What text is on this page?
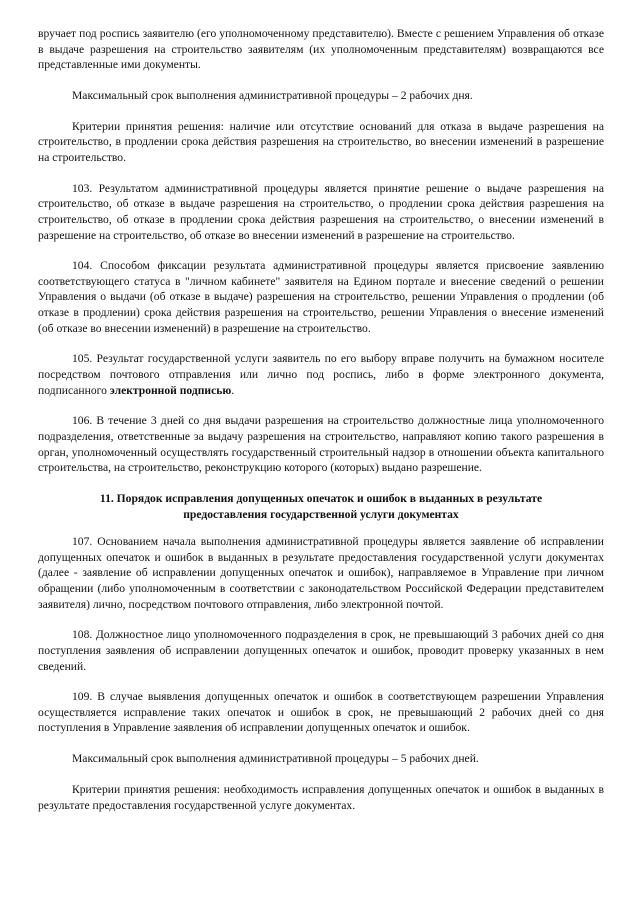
вручает под роспись заявителю (его уполномоченному представителю). Вместе с решением Управления об отказе в выдаче разрешения на строительство заявителям (их уполномоченным представителям) возвращаются все представленные ими документы.

Максимальный срок выполнения административной процедуры – 2 рабочих дня.

Критерии принятия решения: наличие или отсутствие оснований для отказа в выдаче разрешения на строительство, в продлении срока действия разрешения на строительство, во внесении изменений в разрешение на строительство.

103. Результатом административной процедуры является принятие решение о выдаче разрешения на строительство, об отказе в выдаче разрешения на строительство, о продлении срока действия разрешения на строительство, об отказе в продлении срока действия разрешения на строительство, о внесении изменений в разрешение на строительство, об отказе во внесении изменений в разрешение на строительство.

104. Способом фиксации результата административной процедуры является присвоение заявлению соответствующего статуса в "личном кабинете" заявителя на Едином портале и внесение сведений о решении Управления о выдачи (об отказе в выдаче) разрешения на строительство, решении Управления о продлении (об отказе в продлении) срока действия разрешения на строительство, решении Управления о внесение изменений (об отказе во внесении изменений) в разрешение на строительство.

105. Результат государственной услуги заявитель по его выбору вправе получить на бумажном носителе посредством почтового отправления или лично под роспись, либо в форме электронного документа, подписанного электронной подписью.

106. В течение 3 дней со дня выдачи разрешения на строительство должностные лица уполномоченного подразделения, ответственные за выдачу разрешения на строительство, направляют копию такого разрешения в орган, уполномоченный осуществлять государственный строительный надзор в отношении объекта капитального строительства, на строительство, реконструкцию которого (которых) выдано разрешение.

11. Порядок исправления допущенных опечаток и ошибок в выданных в результате предоставления государственной услуги документах

107. Основанием начала выполнения административной процедуры является заявление об исправлении допущенных опечаток и ошибок в выданных в результате предоставления государственной услуги документах (далее - заявление об исправлении допущенных опечаток и ошибок), направляемое в Управление при личном обращении (либо уполномоченным в соответствии с законодательством Российской Федерации представителем заявителя) лично, посредством почтового отправления, либо электронной почтой.

108. Должностное лицо уполномоченного подразделения в срок, не превышающий 3 рабочих дней со дня поступления заявления об исправлении допущенных опечаток и ошибок, проводит проверку указанных в нем сведений.

109. В случае выявления допущенных опечаток и ошибок в соответствующем разрешении Управления осуществляется исправление таких опечаток и ошибок в срок, не превышающий 2 рабочих дней со дня поступления в Управление заявления об исправлении допущенных опечаток и ошибок.

Максимальный срок выполнения административной процедуры – 5 рабочих дней.

Критерии принятия решения: необходимость исправления допущенных опечаток и ошибок в выданных в результате предоставления государственной услуге документах.
